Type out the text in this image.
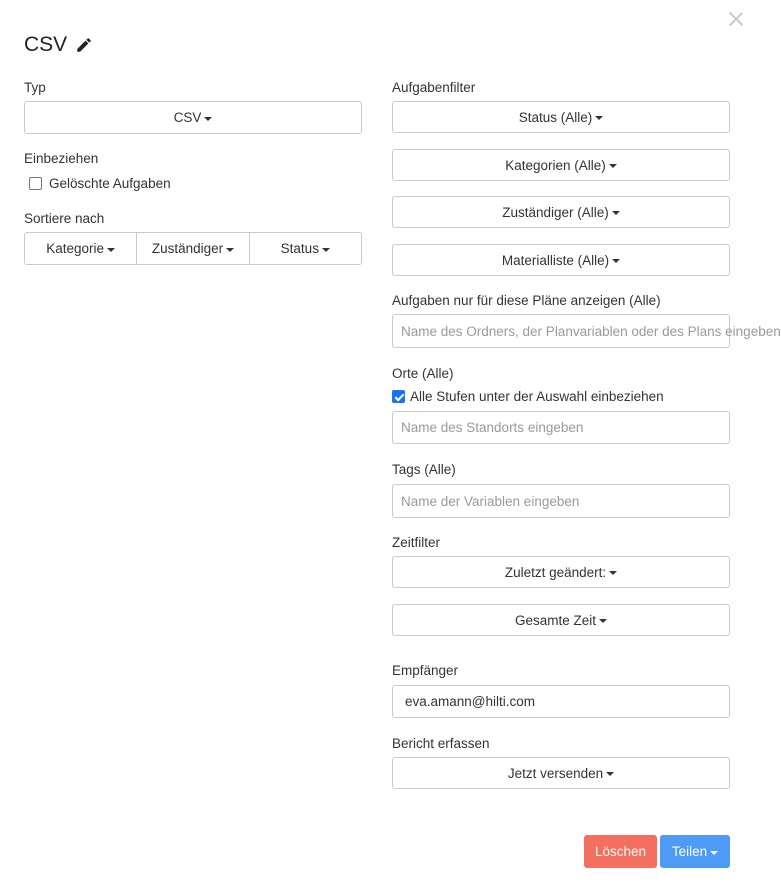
CSV
Typ
CSV
Einbeziehen
Gelöschte Aufgaben
Sortiere nach
Kategorie	Zuständiger	Status
Aufgabenfilter
Status (Alle)
Kategorien (Alle)
Zuständiger (Alle)
Materialliste (Alle)
Aufgaben nur für diese Pläne anzeigen (Alle)
Name des Ordners, der Planvariablen oder des Plans eingeben
Orte (Alle)
Alle Stufen unter der Auswahl einbeziehen
Name des Standorts eingeben
Tags (Alle)
Name der Variablen eingeben
Zeitfilter
Zuletzt geändert:
Gesamte Zeit
Empfänger
eva.amann@hilti.com
Bericht erfassen
Jetzt versenden
Löschen Teilen
